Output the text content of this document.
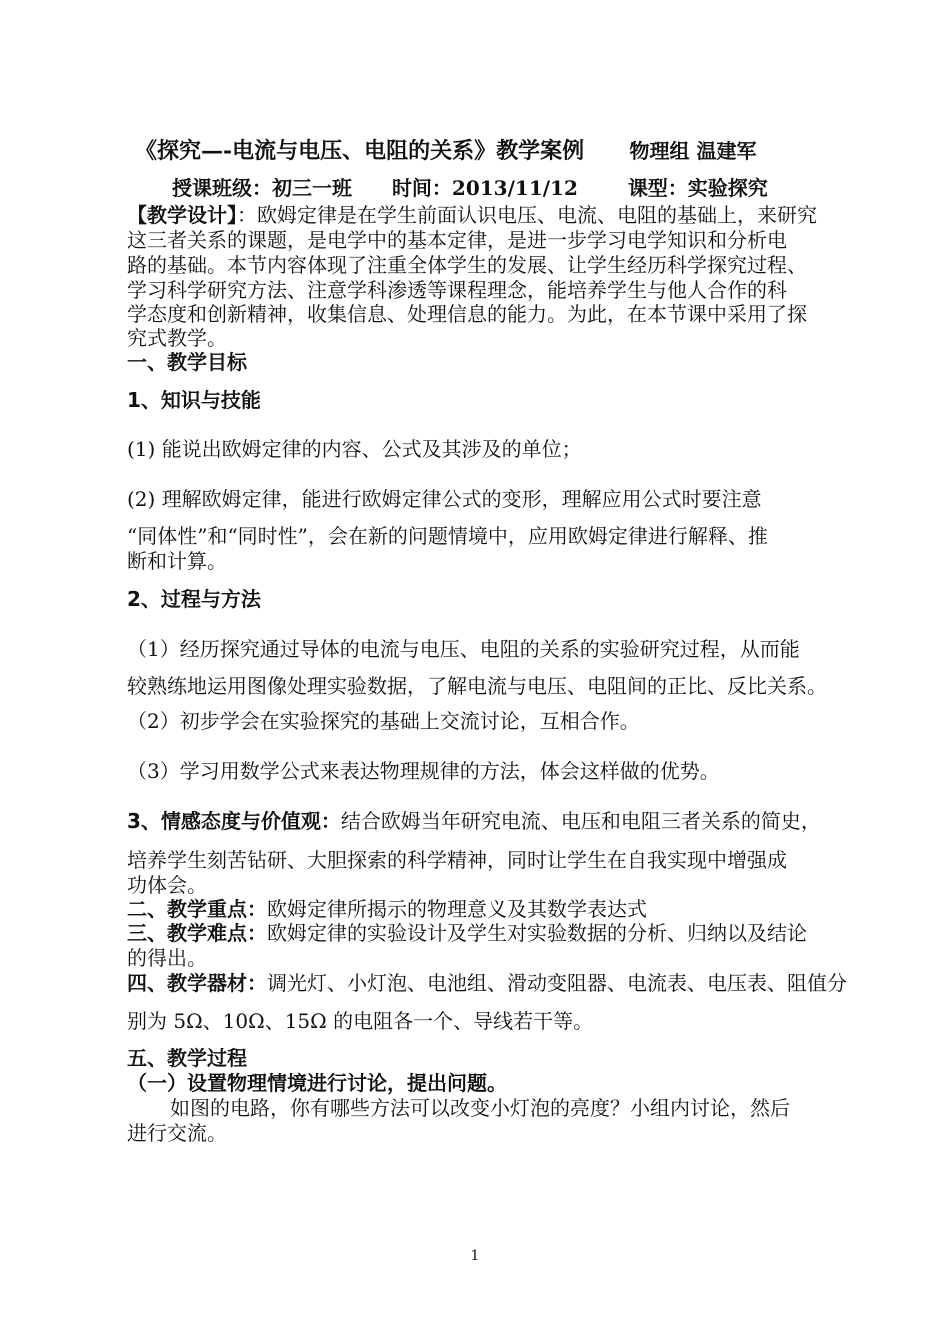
《探究—-电流与电压、电阻的关系》教学案例 物理组 温建军
授课班级：初三一班 时间：2013/11/12 课型：实验探究
【教学设计】：欧姆定律是在学生前面认识电压、电流、电阻的基础上，来研究
这三者关系的课题，是电学中的基本定律，是进一步学习电学知识和分析电
路的基础。本节内容体现了注重全体学生的发展、让学生经历科学探究过程、
学习科学研究方法、注意学科渗透等课程理念，能培养学生与他人合作的科
学态度和创新精神，收集信息、处理信息的能力。为此，在本节课中采用了探
究式教学。
一、教学目标
1、知识与技能
(1) 能说出欧姆定律的内容、公式及其涉及的单位；
(2) 理解欧姆定律，能进行欧姆定律公式的变形，理解应用公式时要注意
“同体性”和“同时性”，会在新的问题情境中，应用欧姆定律进行解释、推
断和计算。
2、过程与方法
（1）经历探究通过导体的电流与电压、电阻的关系的实验研究过程，从而能
较熟练地运用图像处理实验数据，了解电流与电压、电阻间的正比、反比关系。
（2）初步学会在实验探究的基础上交流讨论，互相合作。
（3）学习用数学公式来表达物理规律的方法，体会这样做的优势。
3、情感态度与价值观：结合欧姆当年研究电流、电压和电阻三者关系的简史，
培养学生刻苦钻研、大胆探索的科学精神，同时让学生在自我实现中增强成
功体会。
二、教学重点：欧姆定律所揭示的物理意义及其数学表达式
三、教学难点：欧姆定律的实验设计及学生对实验数据的分析、归纳以及结论
的得出。
四、教学器材：调光灯、小灯泡、电池组、滑动变阻器、电流表、电压表、阻值分
别为 5Ω、10Ω、15Ω 的电阻各一个、导线若干等。
五、教学过程
（一）设置物理情境进行讨论，提出问题。
如图的电路，你有哪些方法可以改变小灯泡的亮度？小组内讨论，然后
进行交流。
1
